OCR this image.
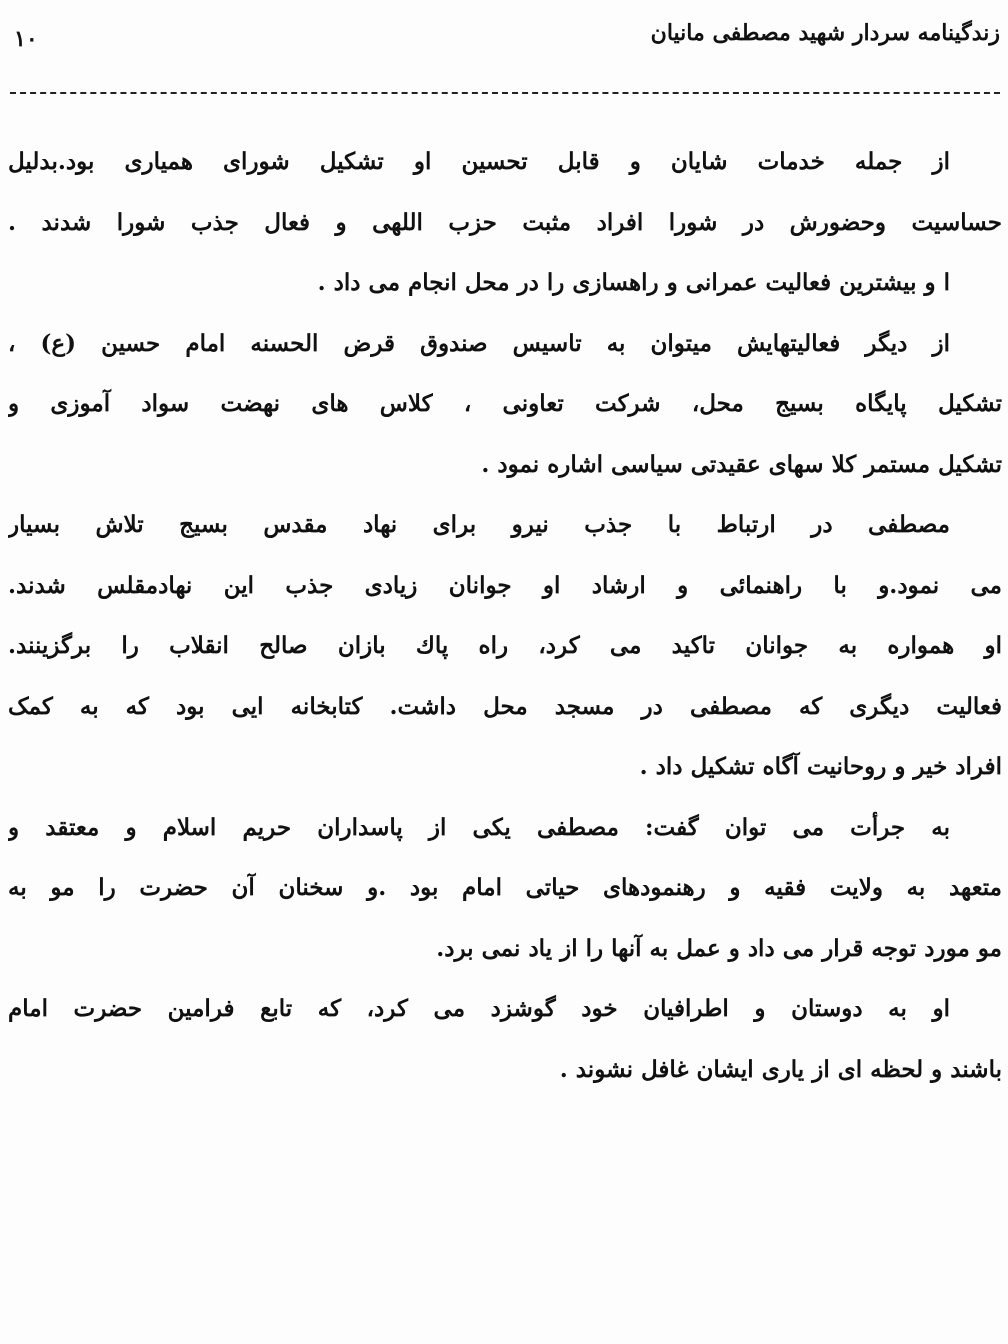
زندگینامه سردار شهید مصطفی مانیان
۱۰
از جمله خدمات شایان و قابل تحسین او تشکیل شورای همیاری بود.بدلیل
حساسیت وحضورش در شورا افراد مثبت حزب اللهی و فعال جذب شورا شدند .
ا و بیشترین فعالیت عمرانی و راهسازی را در محل انجام می داد .
از دیگر فعالیتهایش میتوان به تاسیس صندوق قرض الحسنه امام حسین (ع) ،
تشکیل پایگاه بسیج محل، شرکت تعاونی ، کلاس های نهضت سواد آموزی و
تشکیل مستمر کلا سهای عقیدتی سیاسی اشاره نمود .
مصطفی در ارتباط با جذب نیرو برای نهاد مقدس بسیج تلاش بسیار
می نمود.و با راهنمائی و ارشاد او جوانان زیادی جذب این نهادمقلس شدند.
او همواره به جوانان تاکید می کرد، راه پاك بازان صالح انقلاب را برگزینند.
فعالیت دیگری که مصطفی در مسجد محل داشت. کتابخانه ایی بود که به کمک
افراد خیر و روحانیت آگاه تشکیل داد .
به جرأت می توان گفت: مصطفی یکی از پاسداران حریم اسلام و معتقد و
متعهد به ولایت فقیه و رهنمودهای حیاتی امام بود .و سخنان آن حضرت را مو به
مو مورد توجه قرار می داد و عمل به آنها را از یاد نمی برد.
او به دوستان و اطرافیان خود گوشزد می کرد، که تابع فرامین حضرت امام
باشند و لحظه ای از یاری ایشان غافل نشوند .
